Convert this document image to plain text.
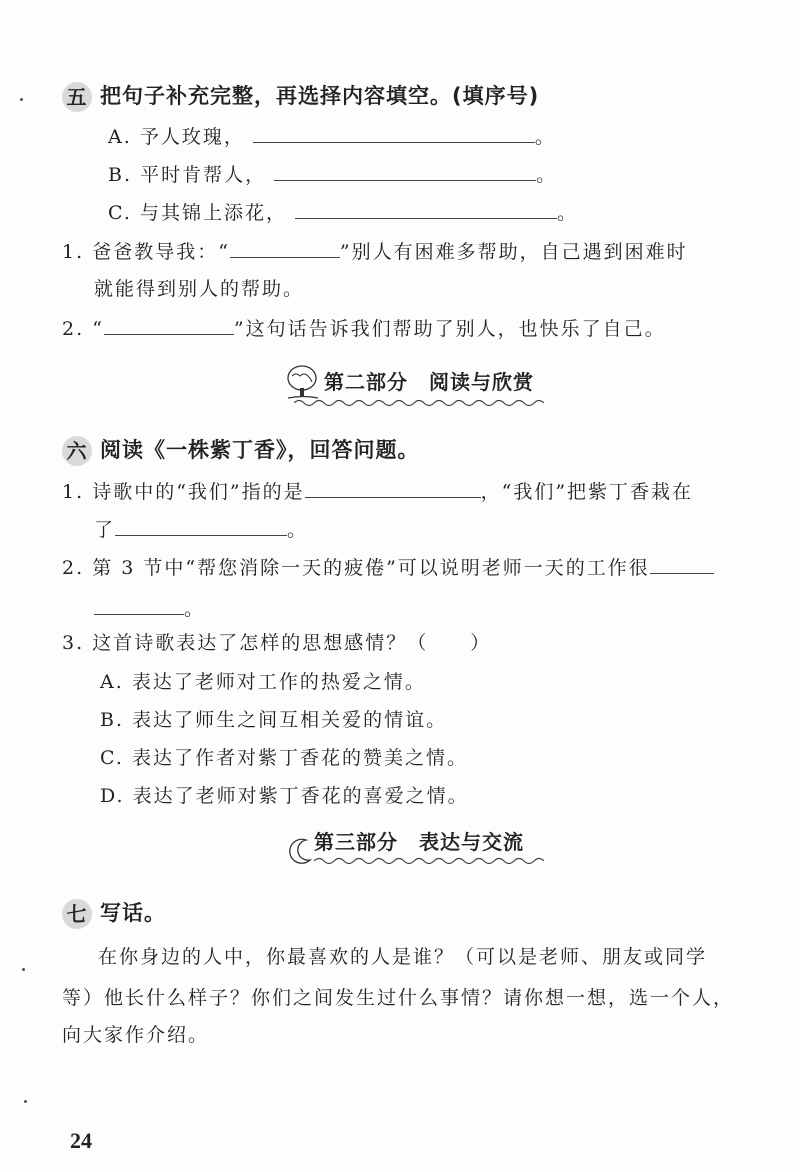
五 把句子补充完整，再选择内容填空。(填序号)
A. 予人玫瑰，	。
B. 平时肯帮人，	。
C. 与其锦上添花，	。
1. 爸爸教导我：“	”别人有困难多帮助，自己遇到困难时
就能得到别人的帮助。
2. “	”这句话告诉我们帮助了别人，也快乐了自己。
第二部分　阅读与欣赏
六 阅读《一株紫丁香》，回答问题。
1. 诗歌中的“我们”指的是	，“我们”把紫丁香栽在
了	。
2. 第 3 节中“帮您消除一天的疲倦”可以说明老师一天的工作很
。
3. 这首诗歌表达了怎样的思想感情？（　　）
A. 表达了老师对工作的热爱之情。
B. 表达了师生之间互相关爱的情谊。
C. 表达了作者对紫丁香花的赞美之情。
D. 表达了老师对紫丁香花的喜爱之情。
第三部分　表达与交流
七 写话。
在你身边的人中，你最喜欢的人是谁？（可以是老师、朋友或同学
等）他长什么样子？你们之间发生过什么事情？请你想一想，选一个人，
向大家作介绍。
24
